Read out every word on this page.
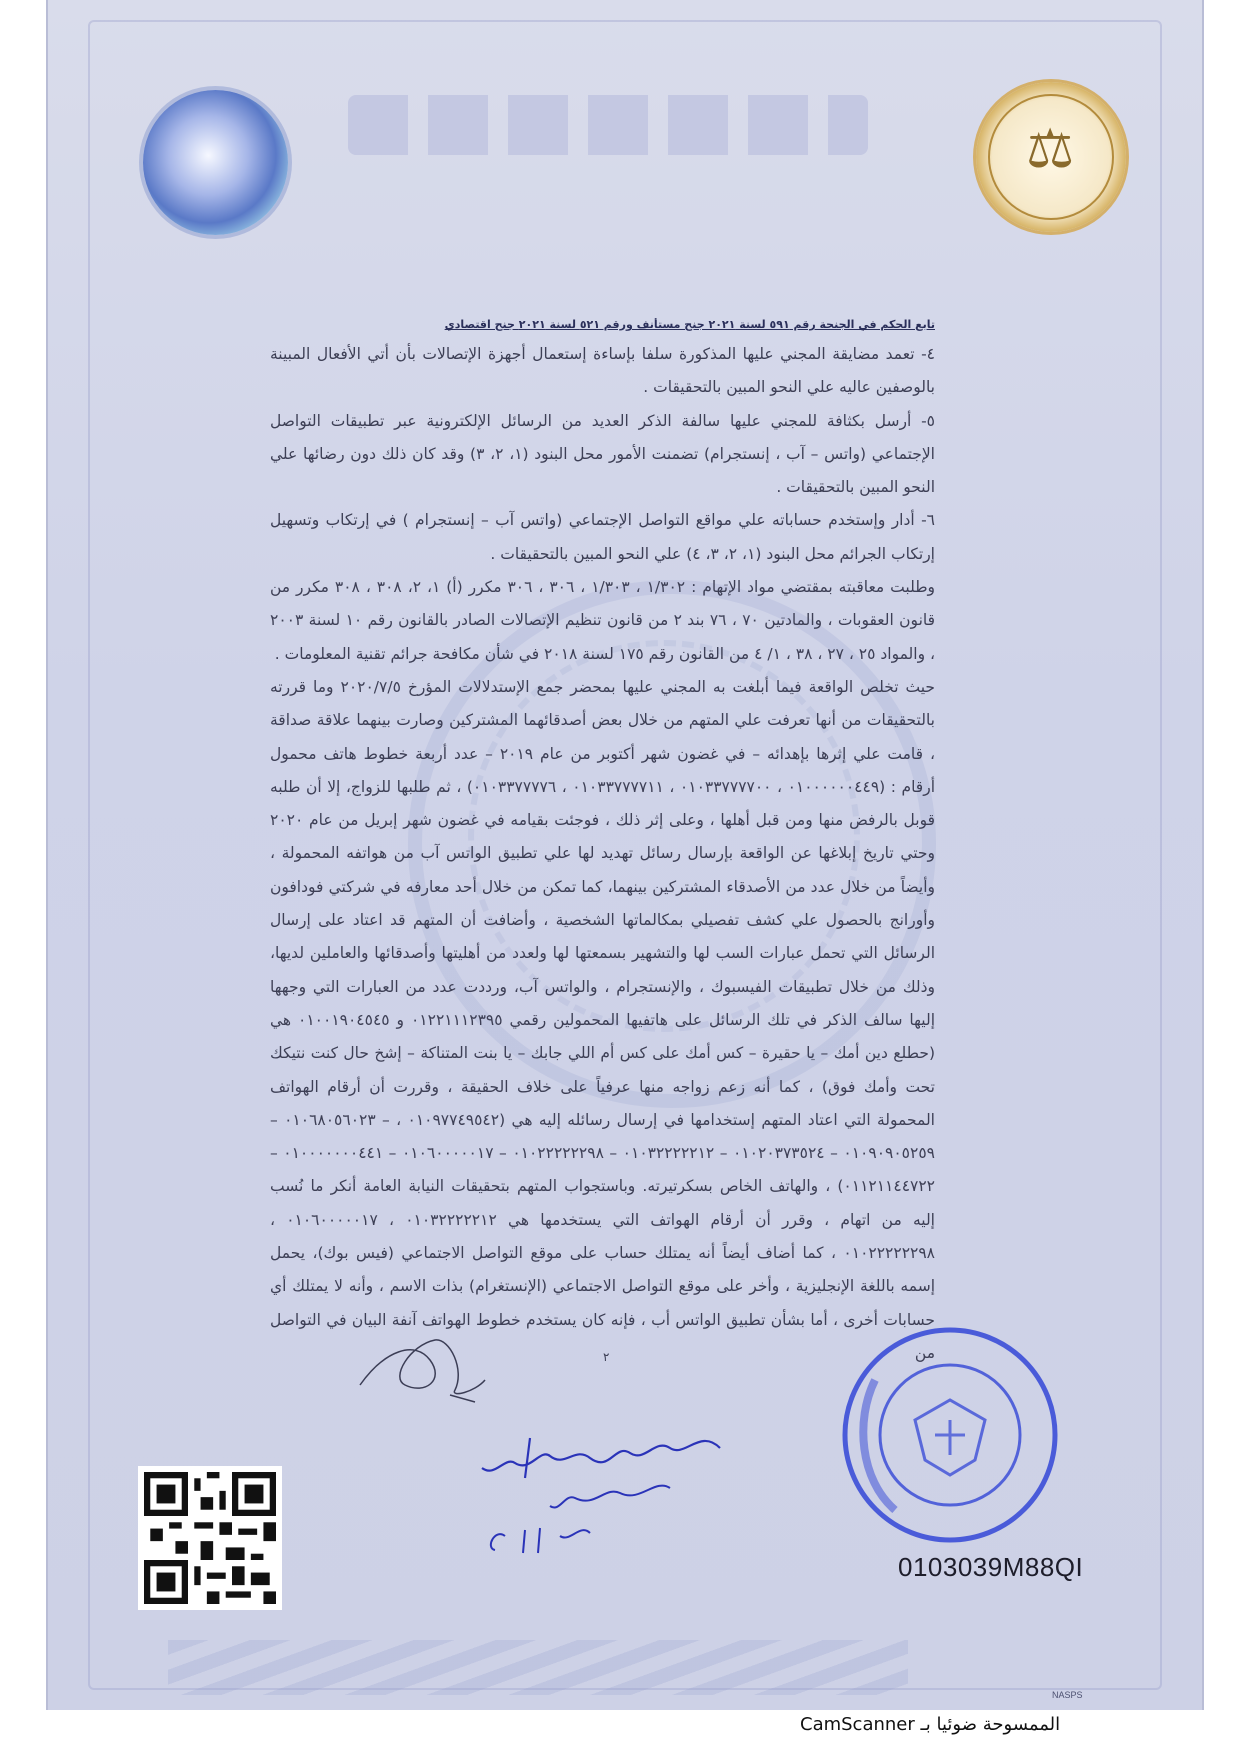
⚖
تابع الحكم في الجنحة رقم ٥٩١ لسنة ٢٠٢١ جنح مستأنف ورقم ٥٢١ لسنة ٢٠٢١ جنح اقتصادي

٤- تعمد مضايقة المجني عليها المذكورة سلفا بإساءة إستعمال أجهزة الإتصالات بأن أتي الأفعال المبينة بالوصفين عاليه علي النحو المبين بالتحقيقات .

٥- أرسل بكثافة للمجني عليها سالفة الذكر العديد من الرسائل الإلكترونية عبر تطبيقات التواصل الإجتماعي (واتس – آب ، إنستجرام) تضمنت الأمور محل البنود (١، ٢، ٣) وقد كان ذلك دون رضائها علي النحو المبين بالتحقيقات .

٦- أدار وإستخدم حساباته علي مواقع التواصل الإجتماعي (واتس آب – إنستجرام ) في إرتكاب وتسهيل إرتكاب الجرائم محل البنود (١، ٢، ٣، ٤) علي النحو المبين بالتحقيقات .

وطلبت معاقبته بمقتضي مواد الإتهام : ١/٣٠٢ ، ١/٣٠٣ ، ٣٠٦ ، ٣٠٦ مكرر (أ) ١، ٢، ٣٠٨ ، ٣٠٨ مكرر من قانون العقوبات ، والمادتين ٧٠ ، ٧٦ بند ٢ من قانون تنظيم الإتصالات الصادر بالقانون رقم ١٠ لسنة ٢٠٠٣ ، والمواد ٢٥ ، ٢٧ ، ٣٨ ، ١/ ٤ من القانون رقم ١٧٥ لسنة ٢٠١٨ في شأن مكافحة جرائم تقنية المعلومات .

حيث تخلص الواقعة فيما أبلغت به المجني عليها بمحضر جمع الإستدلالات المؤرخ ٢٠٢٠/٧/٥ وما قررته بالتحقيقات من أنها تعرفت علي المتهم من خلال بعض أصدقائهما المشتركين وصارت بينهما علاقة صداقة ، قامت علي إثرها بإهدائه – في غضون شهر أكتوبر من عام ٢٠١٩ – عدد أربعة خطوط هاتف محمول أرقام : (٠١٠٠٠٠٠٠٤٤٩ ، ٠١٠٣٣٧٧٧٧٠٠ ، ٠١٠٣٣٧٧٧٧١١ ، ٠١٠٣٣٧٧٧٧٦) ، ثم طلبها للزواج، إلا أن طلبه قوبل بالرفض منها ومن قبل أهلها ، وعلى إثر ذلك ، فوجئت بقيامه في غضون شهر إبريل من عام ٢٠٢٠ وحتي تاريخ إبلاغها عن الواقعة بإرسال رسائل تهديد لها علي تطبيق الواتس آب من هواتفه المحمولة ، وأيضاً من خلال عدد من الأصدقاء المشتركين بينهما، كما تمكن من خلال أحد معارفه في شركتي فودافون وأورانج بالحصول علي كشف تفصيلي بمكالماتها الشخصية ، وأضافت أن المتهم قد اعتاد على إرسال الرسائل التي تحمل عبارات السب لها والتشهير بسمعتها لها ولعدد من أهليتها وأصدقائها والعاملين لديها، وذلك من خلال تطبيقات الفيسبوك ، والإنستجرام ، والواتس آب، ورددت عدد من العبارات التي وجهها إليها سالف الذكر في تلك الرسائل على هاتفيها المحمولين رقمي ٠١٢٢١١١٢٣٩٥ و ٠١٠٠١٩٠٤٥٤٥ هي (حطلع دين أمك – يا حقيرة – كس أمك على كس أم اللي جابك – يا بنت المتناكة – إشخ حال كنت نتيكك تحت وأمك فوق) ، كما أنه زعم زواجه منها عرفياً على خلاف الحقيقة ، وقررت أن أرقام الهواتف المحمولة التي اعتاد المتهم إستخدامها في إرسال رسائله إليه هي (٠١٠٩٧٧٤٩٥٤٢ ، – ٠١٠٦٨٠٥٦٠٢٣ – ٠١٠٩٠٩٠٥٢٥٩ – ٠١٠٢٠٣٧٣٥٢٤ – ٠١٠٣٢٢٢٢٢١٢ – ٠١٠٢٢٢٢٢٢٩٨ – ٠١٠٦٠٠٠٠٠١٧ – ٠١٠٠٠٠٠٠٠٤٤١ – ٠١١٢١١٤٤٧٢٢) ، والهاتف الخاص بسكرتيرته. وباستجواب المتهم بتحقيقات النيابة العامة أنكر ما نُسب إليه من اتهام ، وقرر أن أرقام الهواتف التي يستخدمها هي ٠١٠٣٢٢٢٢٢١٢ ، ٠١٠٦٠٠٠٠٠١٧ ، ٠١٠٢٢٢٢٢٢٩٨ ، كما أضاف أيضاً أنه يمتلك حساب على موقع التواصل الاجتماعي (فيس بوك)، يحمل إسمه باللغة الإنجليزية ، وأخر على موقع التواصل الاجتماعي (الإنستغرام) بذات الاسم ، وأنه لا يمتلك أي حسابات أخرى ، أما بشأن تطبيق الواتس أب ، فإنه كان يستخدم خطوط الهواتف آنفة البيان في التواصل من

٢
0103039M88QI
NASPS
الممسوحة ضوئيا بـ CamScanner
